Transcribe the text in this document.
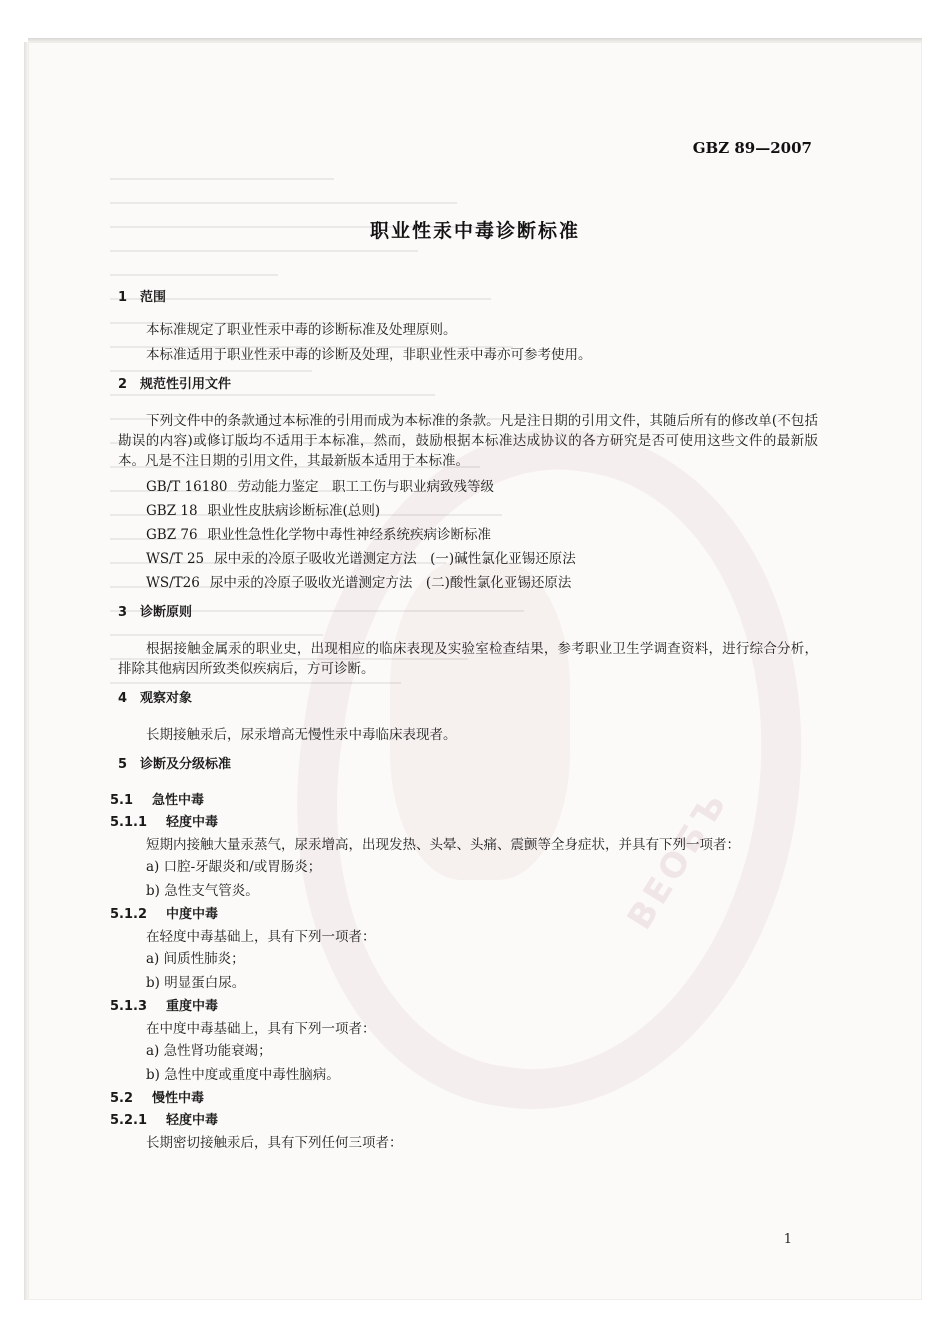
ВЕОБЪ
GBZ 89—2007
职业性汞中毒诊断标准
1 范围

本标准规定了职业性汞中毒的诊断标准及处理原则。

本标准适用于职业性汞中毒的诊断及处理，非职业性汞中毒亦可参考使用。

2 规范性引用文件

下列文件中的条款通过本标准的引用而成为本标准的条款。凡是注日期的引用文件，其随后所有的修改单(不包括勘误的内容)或修订版均不适用于本标准，然而，鼓励根据本标准达成协议的各方研究是否可使用这些文件的最新版本。凡是不注日期的引用文件，其最新版本适用于本标准。

GB/T 16180 劳动能力鉴定　职工工伤与职业病致残等级

GBZ 18 职业性皮肤病诊断标准(总则)

GBZ 76 职业性急性化学物中毒性神经系统疾病诊断标准

WS/T 25 尿中汞的冷原子吸收光谱测定方法　(一)碱性氯化亚锡还原法

WS/T26 尿中汞的冷原子吸收光谱测定方法　(二)酸性氯化亚锡还原法

3 诊断原则

根据接触金属汞的职业史，出现相应的临床表现及实验室检查结果，参考职业卫生学调查资料，进行综合分析，排除其他病因所致类似疾病后，方可诊断。

4 观察对象

长期接触汞后，尿汞增高无慢性汞中毒临床表现者。

5 诊断及分级标准
5.1 急性中毒
5.1.1 轻度中毒

短期内接触大量汞蒸气，尿汞增高，出现发热、头晕、头痛、震颤等全身症状，并具有下列一项者：

a) 口腔-牙龈炎和/或胃肠炎；

b) 急性支气管炎。

5.1.2 中度中毒

在轻度中毒基础上，具有下列一项者：

a) 间质性肺炎；

b) 明显蛋白尿。

5.1.3 重度中毒

在中度中毒基础上，具有下列一项者：

a) 急性肾功能衰竭；

b) 急性中度或重度中毒性脑病。

5.2 慢性中毒
5.2.1 轻度中毒

长期密切接触汞后，具有下列任何三项者：

1
